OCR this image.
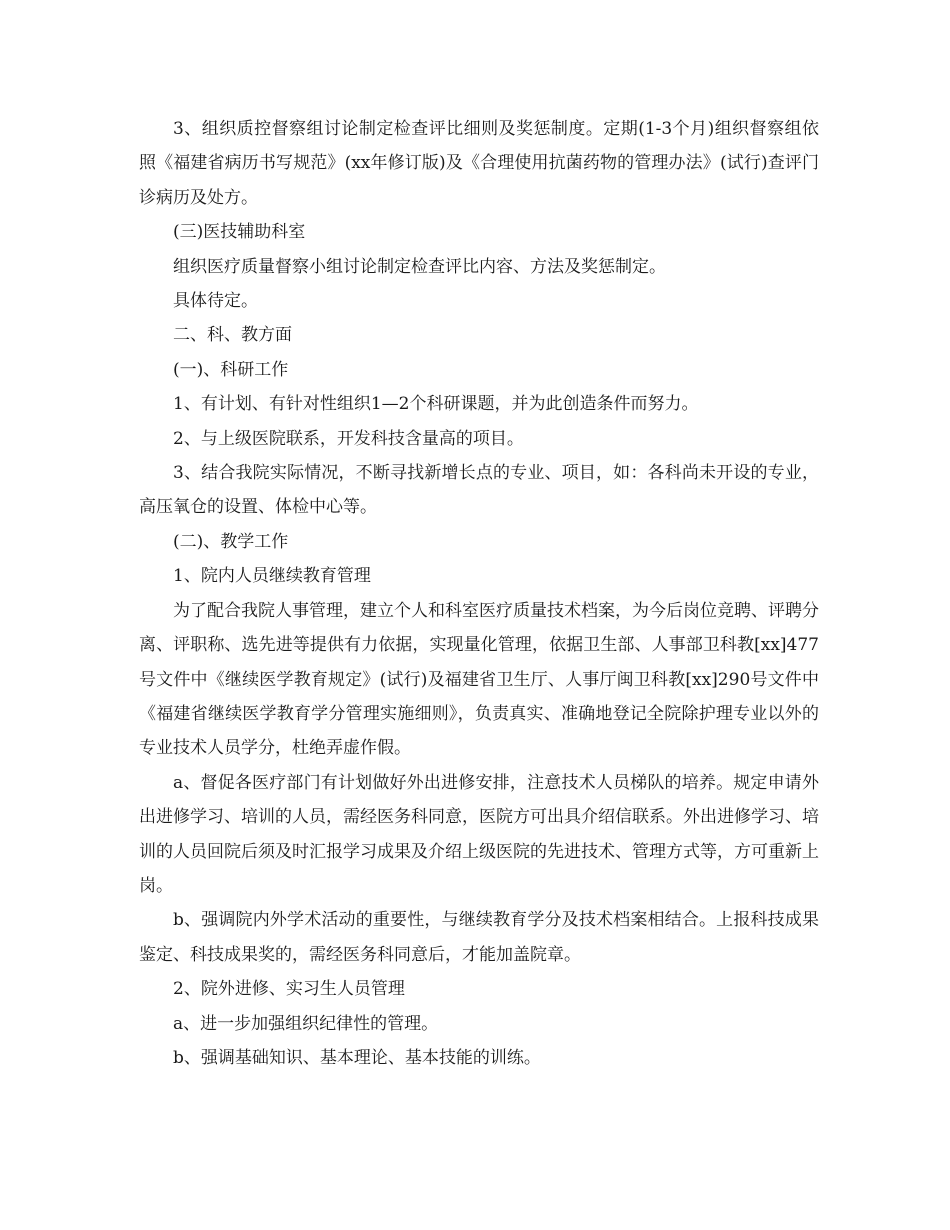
3、组织质控督察组讨论制定检查评比细则及奖惩制度。定期(1-3个月)组织督察组依照《福建省病历书写规范》(xx年修订版)及《合理使用抗菌药物的管理办法》(试行)查评门诊病历及处方。

(三)医技辅助科室

组织医疗质量督察小组讨论制定检查评比内容、方法及奖惩制定。

具体待定。

二、科、教方面

(一)、科研工作

1、有计划、有针对性组织1—2个科研课题，并为此创造条件而努力。

2、与上级医院联系，开发科技含量高的项目。

3、结合我院实际情况，不断寻找新增长点的专业、项目，如：各科尚未开设的专业，高压氧仓的设置、体检中心等。

(二)、教学工作

1、院内人员继续教育管理

为了配合我院人事管理，建立个人和科室医疗质量技术档案，为今后岗位竞聘、评聘分离、评职称、选先进等提供有力依据，实现量化管理，依据卫生部、人事部卫科教[xx]477号文件中《继续医学教育规定》(试行)及福建省卫生厅、人事厅闽卫科教[xx]290号文件中《福建省继续医学教育学分管理实施细则》，负责真实、准确地登记全院除护理专业以外的专业技术人员学分，杜绝弄虚作假。

a、督促各医疗部门有计划做好外出进修安排，注意技术人员梯队的培养。规定申请外出进修学习、培训的人员，需经医务科同意，医院方可出具介绍信联系。外出进修学习、培训的人员回院后须及时汇报学习成果及介绍上级医院的先进技术、管理方式等，方可重新上岗。

b、强调院内外学术活动的重要性，与继续教育学分及技术档案相结合。上报科技成果鉴定、科技成果奖的，需经医务科同意后，才能加盖院章。

2、院外进修、实习生人员管理

a、进一步加强组织纪律性的管理。

b、强调基础知识、基本理论、基本技能的训练。
